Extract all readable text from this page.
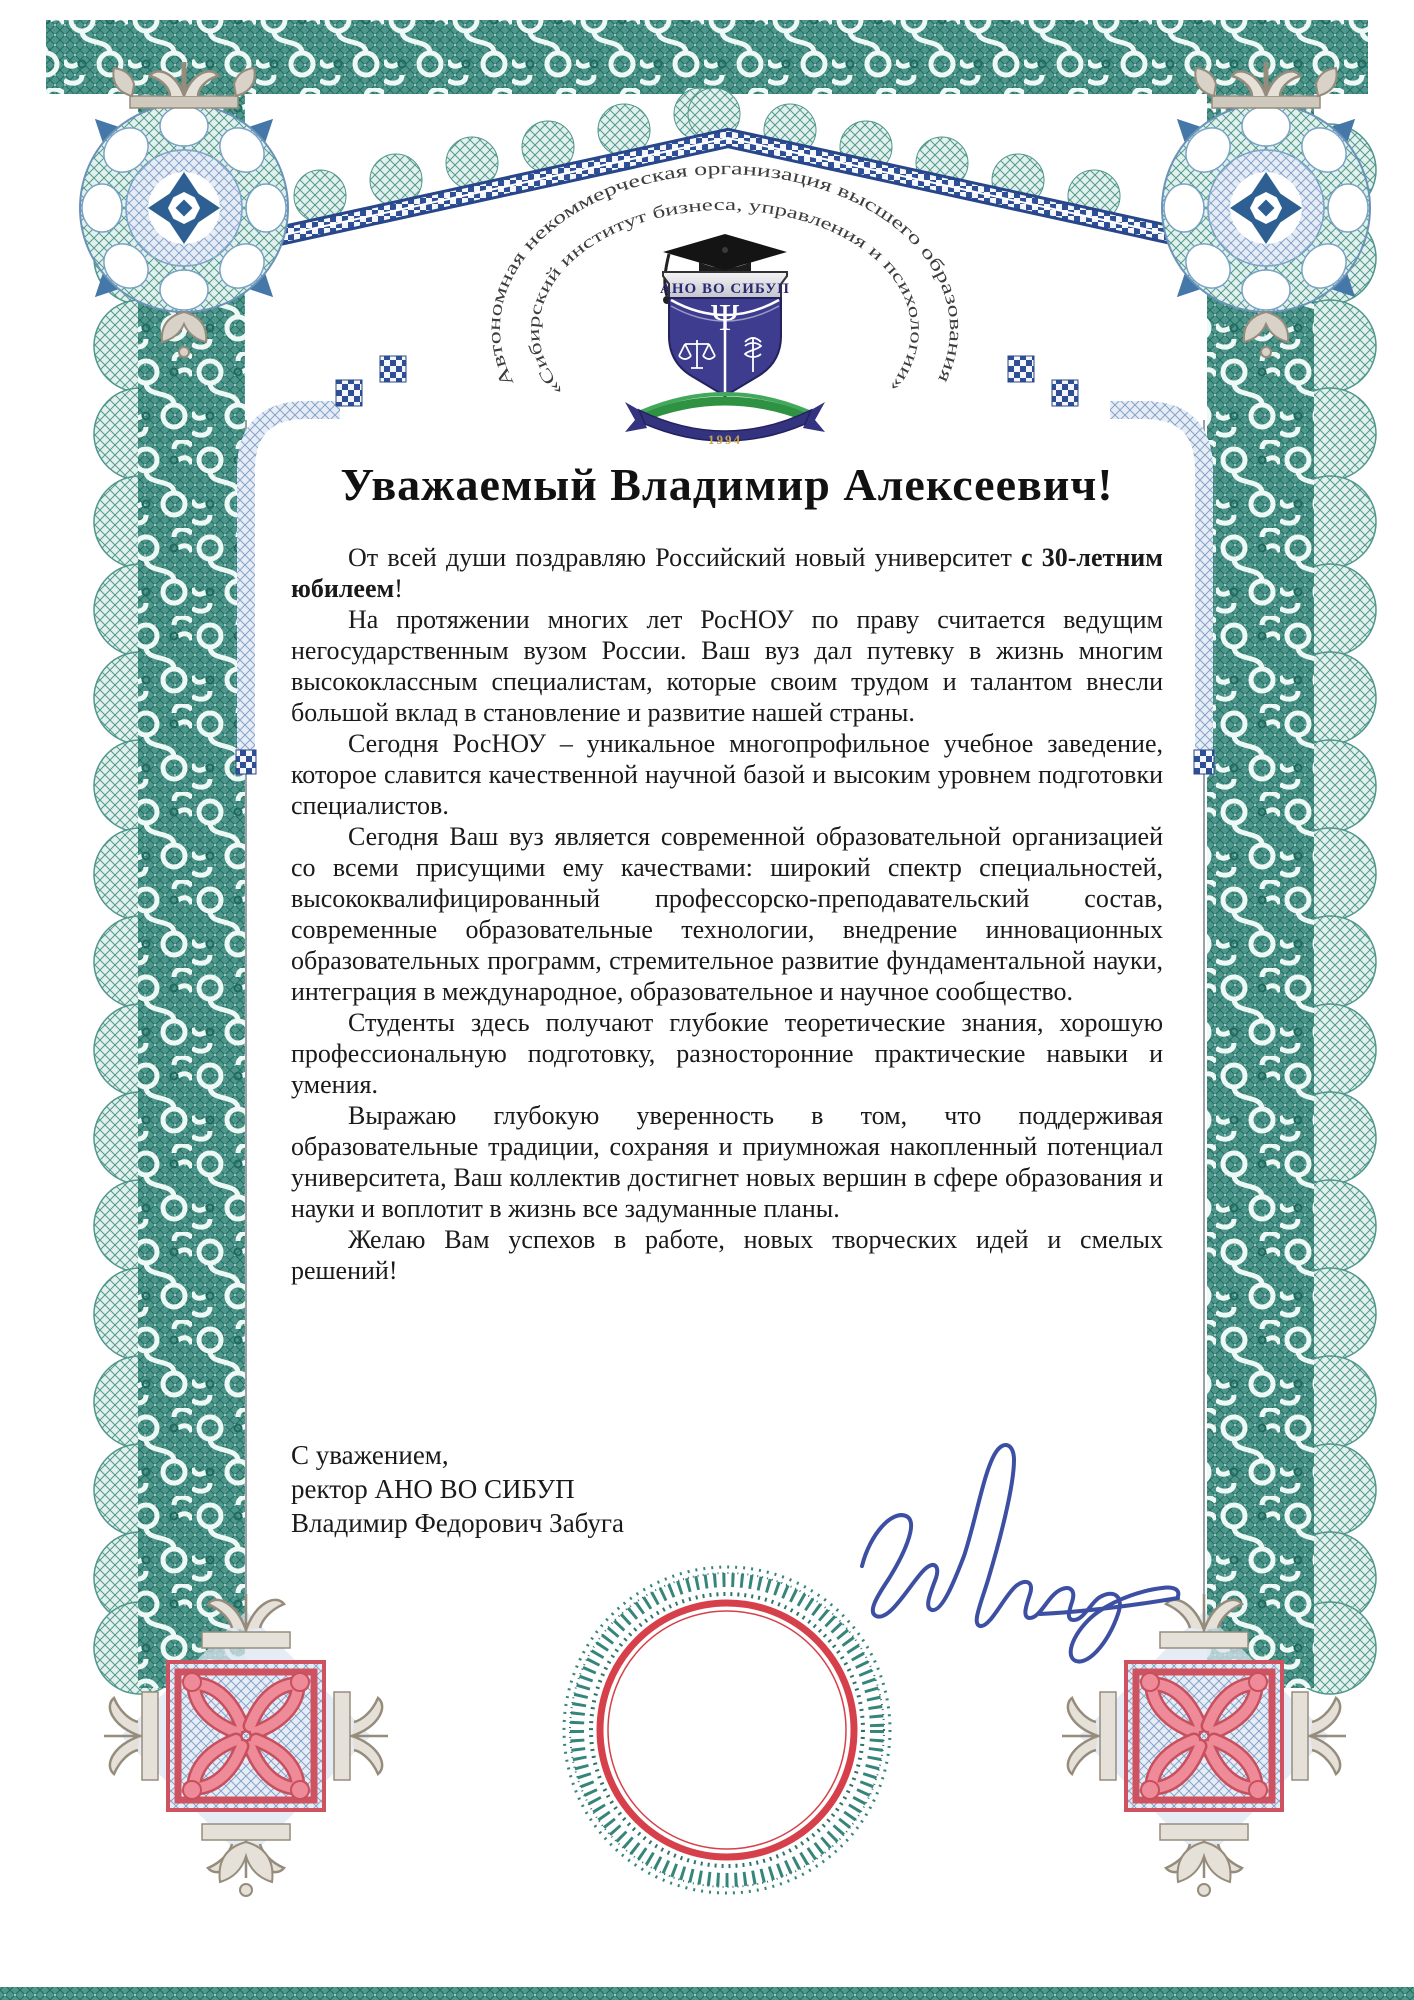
Автономная некоммерческая организация высшего образования
«Сибирский институт бизнеса, управления и психологии»
АНО ВО СИБУП
Ψ
1994
Уважаемый Владимир Алексеевич!

От всей души поздравляю Российский новый университет с 30-летним юбилеем!

На протяжении многих лет РосНОУ по праву считается ведущим негосударственным вузом России. Ваш вуз дал путевку в жизнь многим высококлассным специалистам, которые своим трудом и талантом внесли большой вклад в становление и развитие нашей страны.

Сегодня РосНОУ – уникальное многопрофильное учебное заведение, которое славится качественной научной базой и высоким уровнем подготовки специалистов.

Сегодня Ваш вуз является современной образовательной организацией со всеми присущими ему качествами: широкий спектр специальностей, высококвалифицированный профессорско-преподавательский состав, современные образовательные технологии, внедрение инновационных образовательных программ, стремительное развитие фундаментальной науки, интеграция в международное, образовательное и научное сообщество.

Студенты здесь получают глубокие теоретические знания, хорошую профессиональную подготовку, разносторонние практические навыки и умения.

Выражаю глубокую уверенность в том, что поддерживая образовательные традиции, сохраняя и приумножая накопленный потенциал университета, Ваш коллектив достигнет новых вершин в сфере образования и науки и воплотит в жизнь все задуманные планы.

Желаю Вам успехов в работе, новых творческих идей и смелых решений!

С уважением,
ректор АНО ВО СИБУП
Владимир Федорович Забуга
